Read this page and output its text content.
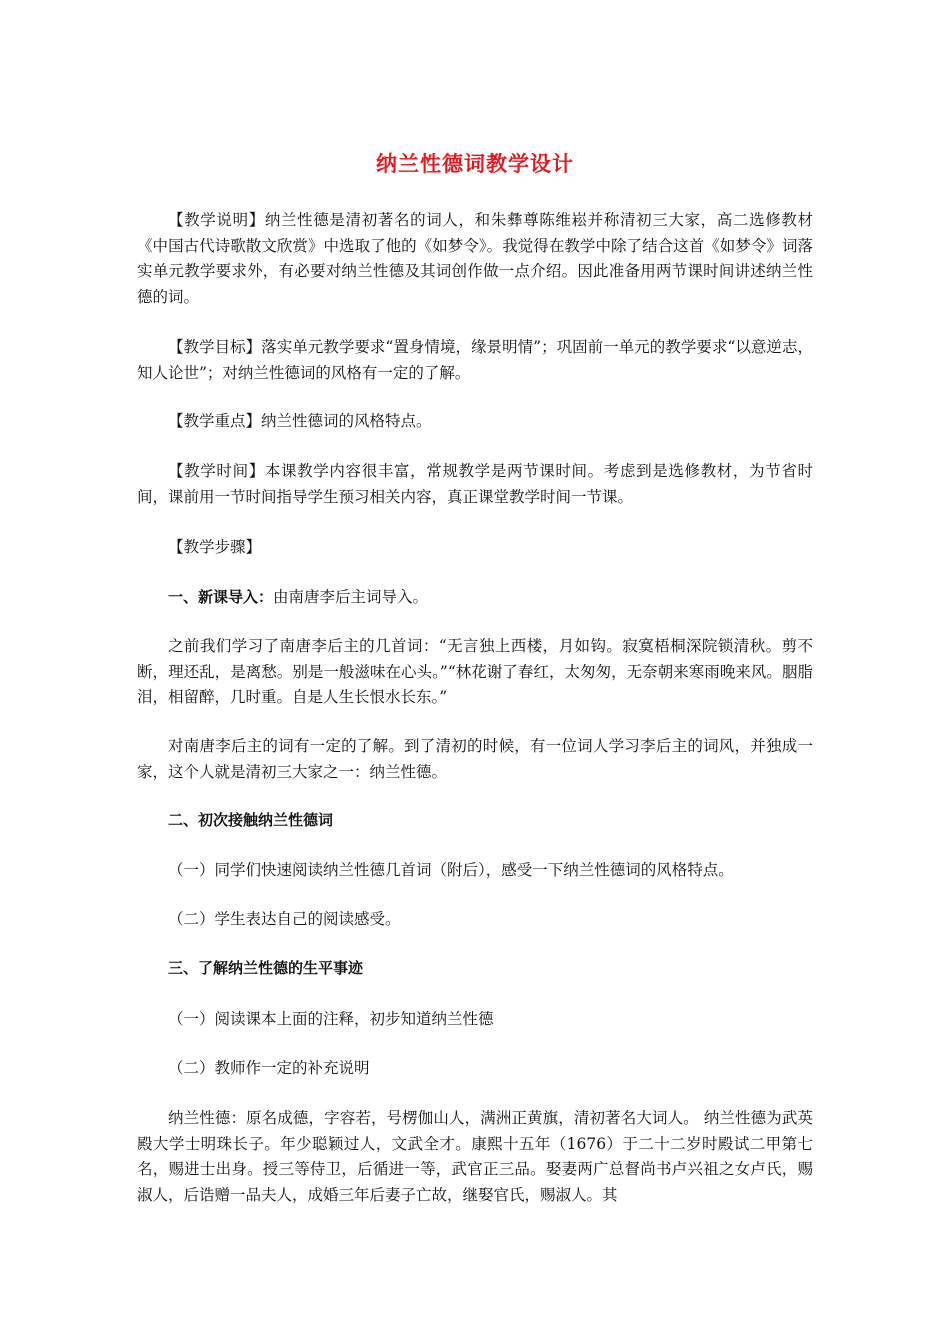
纳兰性德词教学设计

【教学说明】纳兰性德是清初著名的词人，和朱彝尊陈维崧并称清初三大家，高二选修教材《中国古代诗歌散文欣赏》中选取了他的《如梦令》。我觉得在教学中除了结合这首《如梦令》词落实单元教学要求外，有必要对纳兰性德及其词创作做一点介绍。因此准备用两节课时间讲述纳兰性德的词。

【教学目标】落实单元教学要求“置身情境，缘景明情”；巩固前一单元的教学要求“以意逆志，知人论世”；对纳兰性德词的风格有一定的了解。

【教学重点】纳兰性德词的风格特点。

【教学时间】本课教学内容很丰富，常规教学是两节课时间。考虑到是选修教材，为节省时间，课前用一节时间指导学生预习相关内容，真正课堂教学时间一节课。

【教学步骤】

一、新课导入：由南唐李后主词导入。

之前我们学习了南唐李后主的几首词：“无言独上西楼，月如钩。寂寞梧桐深院锁清秋。剪不断，理还乱，是离愁。别是一般滋味在心头。”“林花谢了春红，太匆匆，无奈朝来寒雨晚来风。胭脂泪，相留醉，几时重。自是人生长恨水长东。”

对南唐李后主的词有一定的了解。到了清初的时候，有一位词人学习李后主的词风，并独成一家，这个人就是清初三大家之一：纳兰性德。

二、初次接触纳兰性德词

（一）同学们快速阅读纳兰性德几首词（附后），感受一下纳兰性德词的风格特点。

（二）学生表达自己的阅读感受。

三、了解纳兰性德的生平事迹

（一）阅读课本上面的注释，初步知道纳兰性德

（二）教师作一定的补充说明

纳兰性德：原名成德，字容若，号楞伽山人，满洲正黄旗，清初著名大词人。 纳兰性德为武英殿大学士明珠长子。年少聪颖过人，文武全才。康熙十五年（1676）于二十二岁时殿试二甲第七名，赐进士出身。授三等侍卫，后循进一等，武官正三品。娶妻两广总督尚书卢兴祖之女卢氏，赐淑人，后诰赠一品夫人，成婚三年后妻子亡故，继娶官氏，赐淑人。其
